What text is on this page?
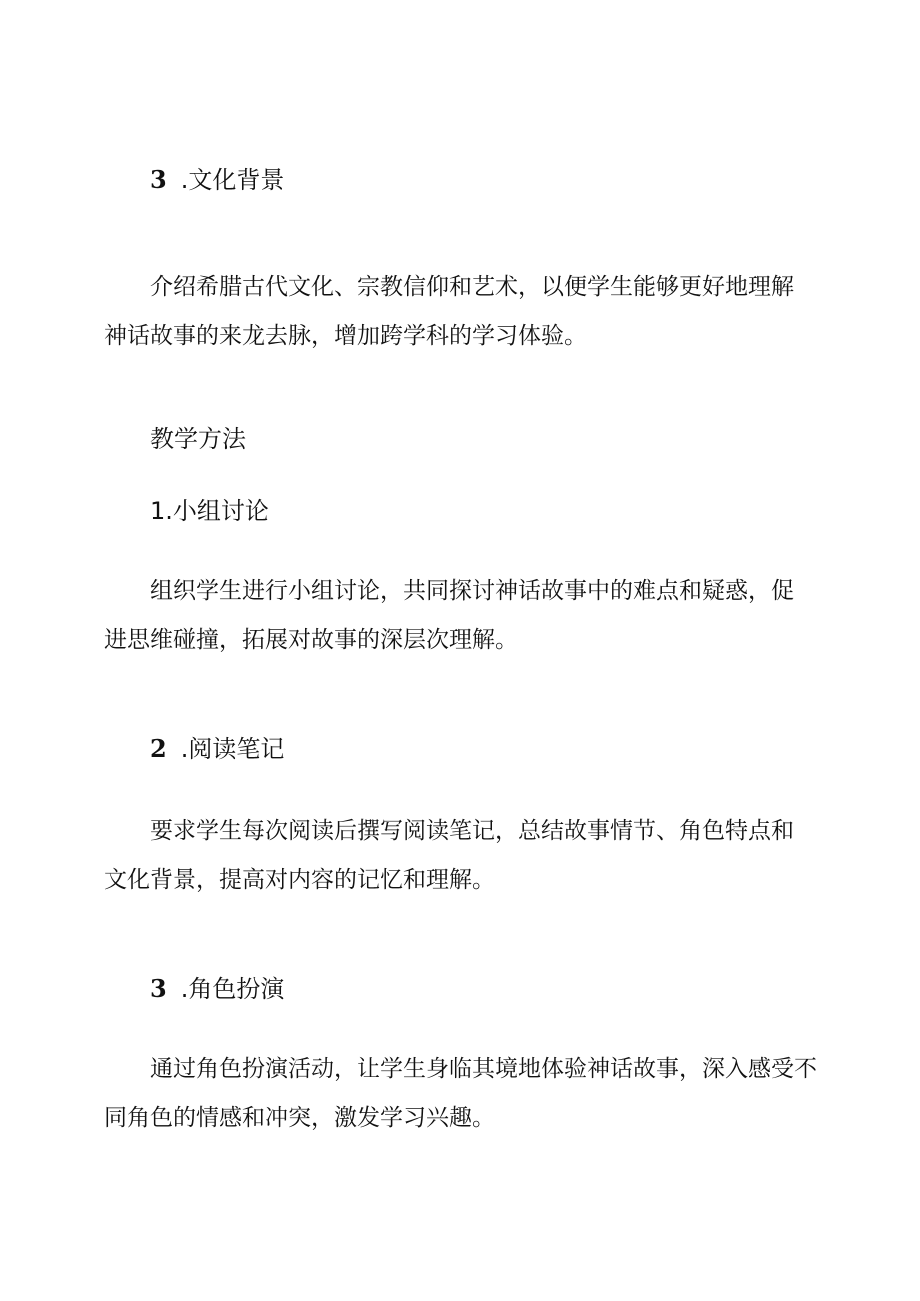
3 .文化背景
介绍希腊古代文化、宗教信仰和艺术，以便学生能够更好地理解
神话故事的来龙去脉，增加跨学科的学习体验。
教学方法
1.小组讨论
组织学生进行小组讨论，共同探讨神话故事中的难点和疑惑，促
进思维碰撞，拓展对故事的深层次理解。
2 .阅读笔记
要求学生每次阅读后撰写阅读笔记，总结故事情节、角色特点和
文化背景，提高对内容的记忆和理解。
3 .角色扮演
通过角色扮演活动，让学生身临其境地体验神话故事，深入感受不
同角色的情感和冲突，激发学习兴趣。
